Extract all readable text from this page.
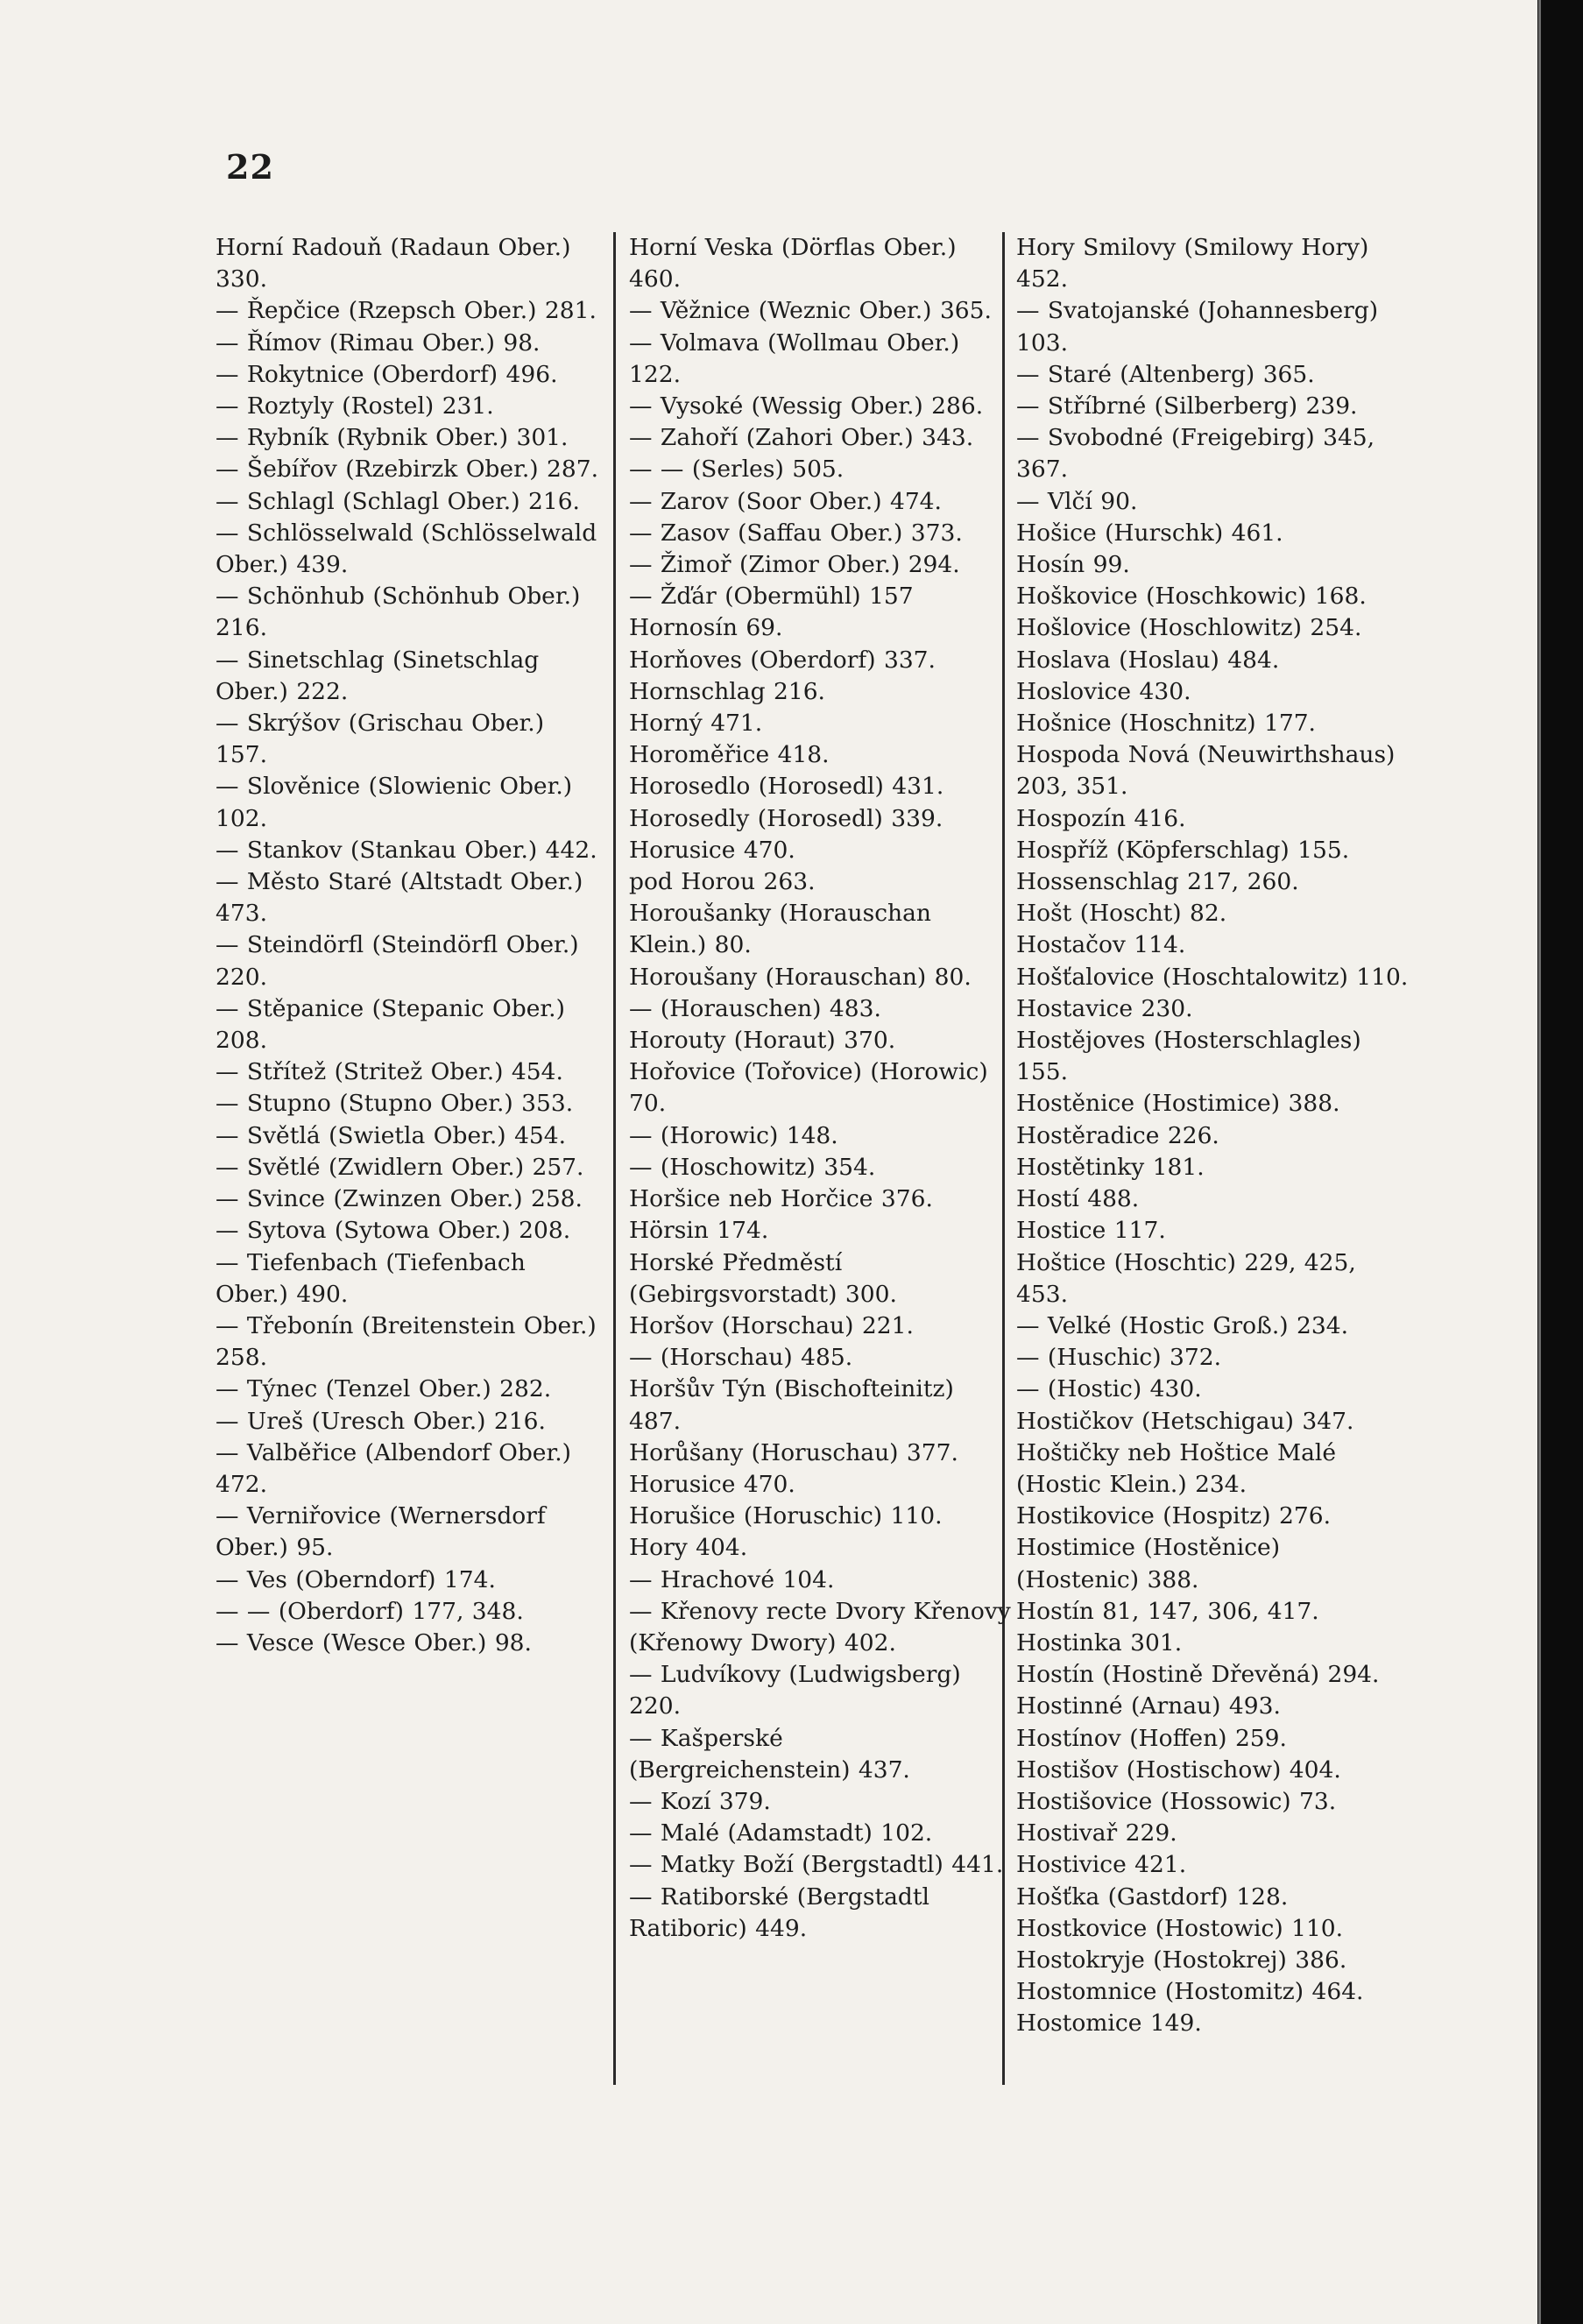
22
Horní Radouň (Radaun Ober.) 330.
— Řepčice (Rzepsch Ober.) 281.
— Římov (Rimau Ober.) 98.
— Rokytnice (Oberdorf) 496.
— Roztyly (Rostel) 231.
— Rybník (Rybnik Ober.) 301.
— Šebířov (Rzebirzk Ober.) 287.
— Schlagl (Schlagl Ober.) 216.
— Schlösselwald (Schlösselwald Ober.) 439.
— Schönhub (Schönhub Ober.) 216.
— Sinetschlag (Sinetschlag Ober.) 222.
— Skrýšov (Grischau Ober.) 157.
— Slověnice (Slowienic Ober.) 102.
— Stankov (Stankau Ober.) 442.
— Město Staré (Altstadt Ober.) 473.
— Steindörfl (Steindörfl Ober.) 220.
— Stěpanice (Stepanic Ober.) 208.
— Střítež (Stritež Ober.) 454.
— Stupno (Stupno Ober.) 353.
— Světlá (Swietla Ober.) 454.
— Světlé (Zwidlern Ober.) 257.
— Svince (Zwinzen Ober.) 258.
— Sytova (Sytowa Ober.) 208.
— Tiefenbach (Tiefenbach Ober.) 490.
— Třebonín (Breitenstein Ober.) 258.
— Týnec (Tenzel Ober.) 282.
— Ureš (Uresch Ober.) 216.
— Valběřice (Albendorf Ober.) 472.
— Verniřovice (Wernersdorf Ober.) 95.
— Ves (Oberndorf) 174.
— — (Oberdorf) 177, 348.
— Vesce (Wesce Ober.) 98.
Horní Veska (Dörflas Ober.) 460.
— Věžnice (Weznic Ober.) 365.
— Volmava (Wollmau Ober.) 122.
— Vysoké (Wessig Ober.) 286.
— Zahoří (Zahori Ober.) 343.
— — (Serles) 505.
— Zarov (Soor Ober.) 474.
— Zasov (Saffau Ober.) 373.
— Žimoř (Zimor Ober.) 294.
— Žďár (Obermühl) 157
Hornosín 69.
Horňoves (Oberdorf) 337.
Hornschlag 216.
Horný 471.
Horoměřice 418.
Horosedlo (Horosedl) 431.
Horosedly (Horosedl) 339.
Horusice 470.
pod Horou 263.
Horoušanky (Horauschan Klein.) 80.
Horoušany (Horauschan) 80.
— (Horauschen) 483.
Horouty (Horaut) 370.
Hořovice (Tořovice) (Horowic) 70.
— (Horowic) 148.
— (Hoschowitz) 354.
Horšice neb Horčice 376.
Hörsin 174.
Horské Předměstí (Gebirgsvorstadt) 300.
Horšov (Horschau) 221.
— (Horschau) 485.
Horšův Týn (Bischofteinitz) 487.
Horůšany (Horuschau) 377.
Horusice 470.
Horušice (Horuschic) 110.
Hory 404.
— Hrachové 104.
— Křenovy recte Dvory Křenovy (Křenowy Dwory) 402.
— Ludvíkovy (Ludwigsberg) 220.
— Kašperské (Bergreichenstein) 437.
— Kozí 379.
— Malé (Adamstadt) 102.
— Matky Boží (Bergstadtl) 441.
— Ratiborské (Bergstadtl Ratiboric) 449.
Hory Smilovy (Smilowy Hory) 452.
— Svatojanské (Johannesberg) 103.
— Staré (Altenberg) 365.
— Stříbrné (Silberberg) 239.
— Svobodné (Freigebirg) 345, 367.
— Vlčí 90.
Hošice (Hurschk) 461.
Hosín 99.
Hoškovice (Hoschkowic) 168.
Hošlovice (Hoschlowitz) 254.
Hoslava (Hoslau) 484.
Hoslovice 430.
Hošnice (Hoschnitz) 177.
Hospoda Nová (Neuwirthshaus) 203, 351.
Hospozín 416.
Hospříž (Köpferschlag) 155.
Hossenschlag 217, 260.
Hošt (Hoscht) 82.
Hostačov 114.
Hošťalovice (Hoschtalowitz) 110.
Hostavice 230.
Hostějoves (Hosterschlagles) 155.
Hostěnice (Hostimice) 388.
Hostěradice 226.
Hostětinky 181.
Hostí 488.
Hostice 117.
Hoštice (Hoschtic) 229, 425, 453.
— Velké (Hostic Groß.) 234.
— (Huschic) 372.
— (Hostic) 430.
Hostičkov (Hetschigau) 347.
Hoštičky neb Hoštice Malé (Hostic Klein.) 234.
Hostikovice (Hospitz) 276.
Hostimice (Hostěnice) (Hostenic) 388.
Hostín 81, 147, 306, 417.
Hostinka 301.
Hostín (Hostině Dřevěná) 294.
Hostinné (Arnau) 493.
Hostínov (Hoffen) 259.
Hostišov (Hostischow) 404.
Hostišovice (Hossowic) 73.
Hostivař 229.
Hostivice 421.
Hošťka (Gastdorf) 128.
Hostkovice (Hostowic) 110.
Hostokryje (Hostokrej) 386.
Hostomnice (Hostomitz) 464.
Hostomice 149.
